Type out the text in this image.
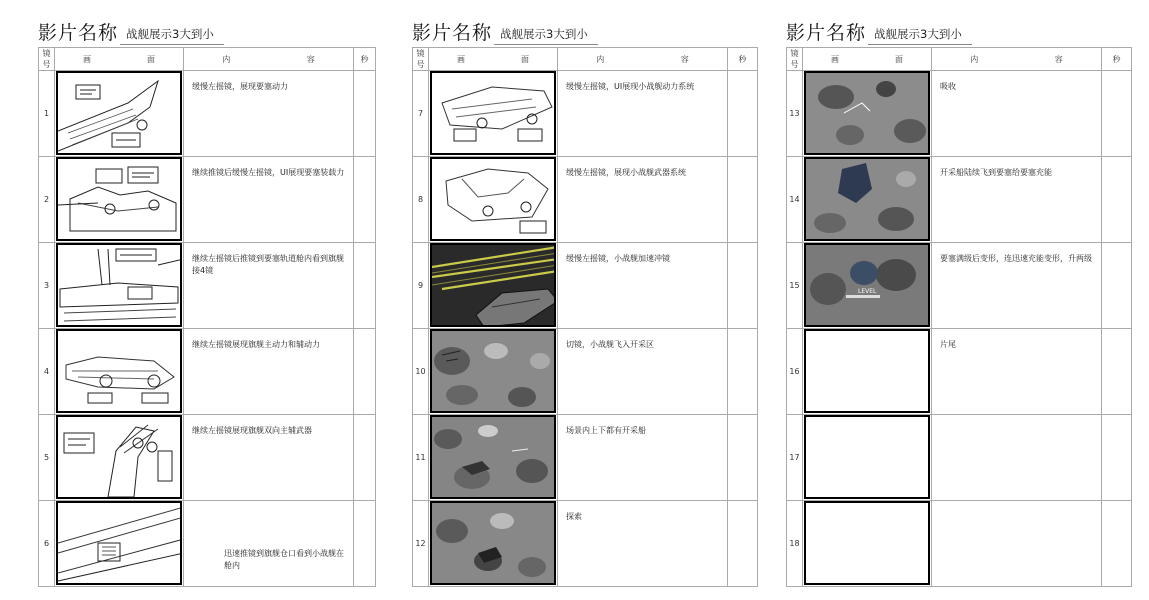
影片名称 战舰展示3大到小
镜号	画 面	内 容	秒
1		缓慢左摇镜，展现要塞动力	
2		继续推镜后缓慢左摇镜，UI展现要塞装载力	
3		继续左摇镜后推镜到要塞轨道舱内看到旗舰接4镜	
4		继续左摇镜展现旗舰主动力和辅动力	
5		继续左摇镜展现旗舰双向主辅武器	
6		迅速推镜到旗舰仓口看到小战舰在舱内	
影片名称 战舰展示3大到小
镜号	画 面	内 容	秒
7		缓慢左摇镜，UI展现小战舰动力系统	
8		缓慢左摇镜，展现小战舰武器系统	
9		缓慢左摇镜，小战舰加速冲镜	
10		切镜，小战舰飞入开采区	
11		场景内上下都有开采船	
12		探索	
影片名称 战舰展示3大到小
镜号	画 面	内 容	秒
13		吸收	
14		开采船陆续飞到要塞给要塞充能	
15	LEVEL	要塞满级后变形，连迅速充能变形，升两级	
16		片尾	
17	

18	
